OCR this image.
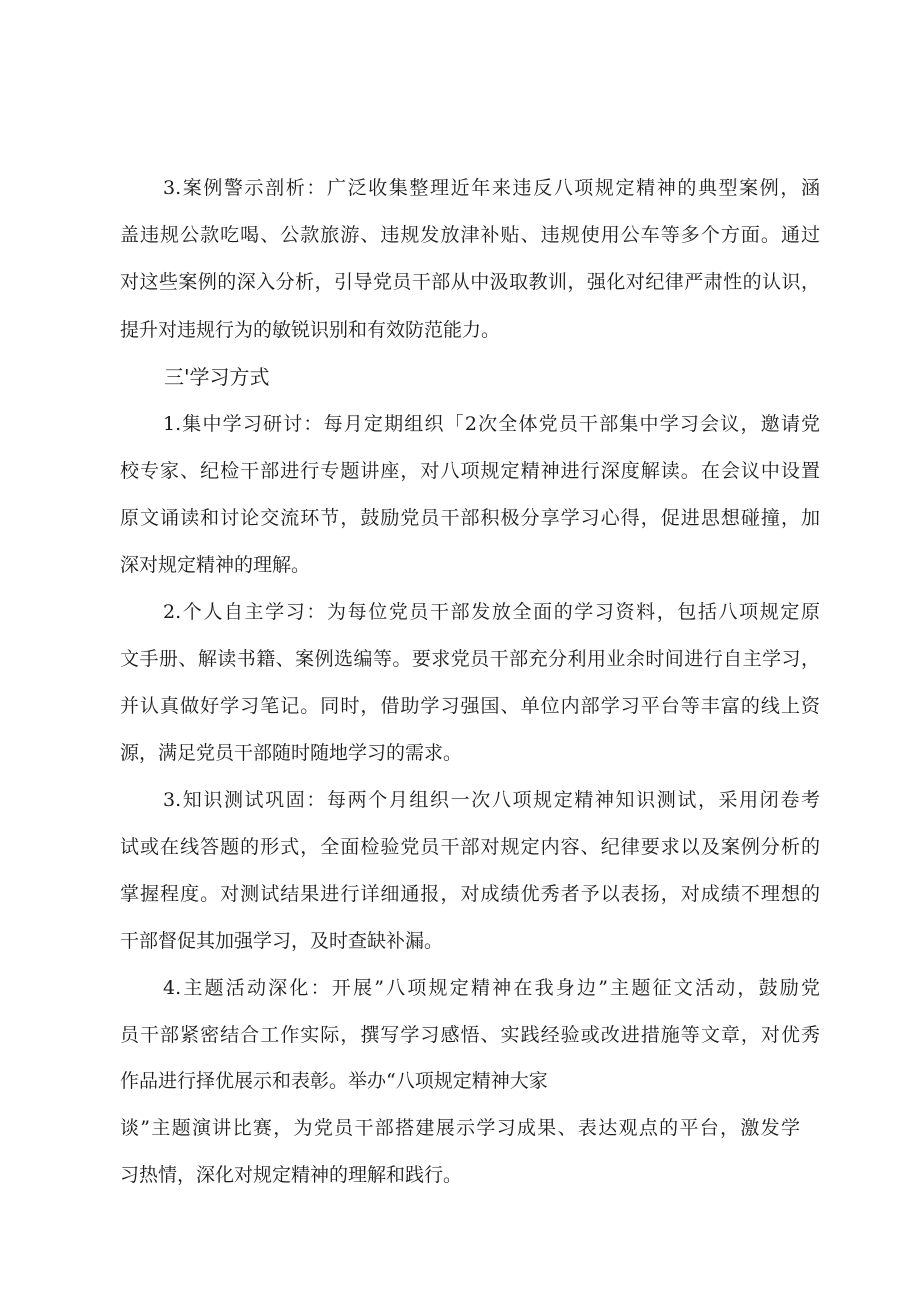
3.案例警示剖析：广泛收集整理近年来违反八项规定精神的典型案例，涵
盖违规公款吃喝、公款旅游、违规发放津补贴、违规使用公车等多个方面。通过
对这些案例的深入分析，引导党员干部从中汲取教训，强化对纪律严肃性的认识，
提升对违规行为的敏锐识别和有效防范能力。
三'学习方式
1.集中学习研讨：每月定期组织「2次全体党员干部集中学习会议，邀请党
校专家、纪检干部进行专题讲座，对八项规定精神进行深度解读。在会议中设置
原文诵读和讨论交流环节，鼓励党员干部积极分享学习心得，促进思想碰撞，加
深对规定精神的理解。
2.个人自主学习：为每位党员干部发放全面的学习资料，包括八项规定原
文手册、解读书籍、案例选编等。要求党员干部充分利用业余时间进行自主学习，
并认真做好学习笔记。同时，借助学习强国、单位内部学习平台等丰富的线上资
源，满足党员干部随时随地学习的需求。
3.知识测试巩固：每两个月组织一次八项规定精神知识测试，采用闭卷考
试或在线答题的形式，全面检验党员干部对规定内容、纪律要求以及案例分析的
掌握程度。对测试结果进行详细通报，对成绩优秀者予以表扬，对成绩不理想的
干部督促其加强学习，及时查缺补漏。
4.主题活动深化：开展”八项规定精神在我身边”主题征文活动，鼓励党
员干部紧密结合工作实际，撰写学习感悟、实践经验或改进措施等文章，对优秀
作品进行择优展示和表彰。举办“八项规定精神大家
谈”主题演讲比赛，为党员干部搭建展示学习成果、表达观点的平台，激发学
习热情，深化对规定精神的理解和践行。
